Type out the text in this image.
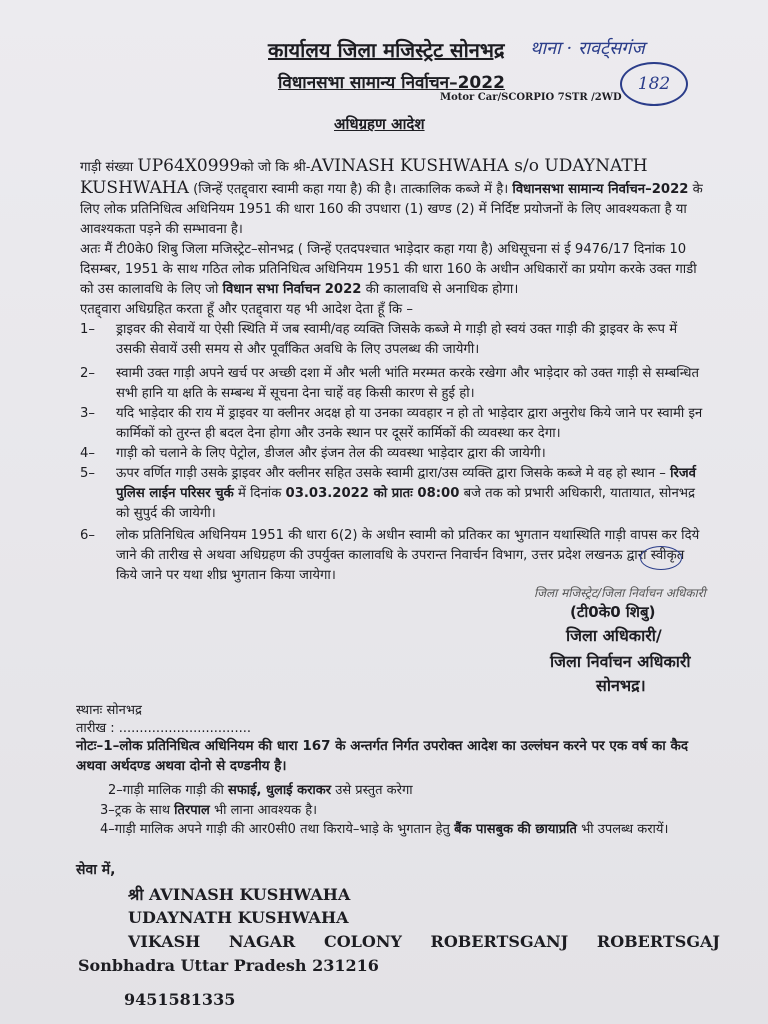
कार्यालय जिला मजिस्ट्रेट सोनभद्र
विधानसभा सामान्य निर्वाचन–2022
Motor Car/SCORPIO 7STR /2WD
अधिग्रहण आदेश
थाना · रावर्ट्सगंज
182
गाड़ी संख्या UP64X0999को जो कि श्री-AVINASH KUSHWAHA s/o UDAYNATH KUSHWAHA (जिन्हें एतद्द्वारा स्वामी कहा गया है) की है। तात्कालिक कब्जे में है। विधानसभा सामान्य निर्वाचन–2022 के लिए लोक प्रतिनिधित्व अधिनियम 1951 की धारा 160 की उपधारा (1) खण्ड (2) में निर्दिष्ट प्रयोजनों के लिए आवश्यकता है या आवश्यकता पड़ने की सम्भावना है।
अतः मैं टी0के0 शिबु जिला मजिस्ट्रेट–सोनभद्र ( जिन्हें एतदपश्चात भाड़ेदार कहा गया है) अधिसूचना सं ई 9476/17 दिनांक 10 दिसम्बर, 1951 के साथ गठित लोक प्रतिनिधित्व अधिनियम 1951 की धारा 160 के अधीन अधिकारों का प्रयोग करके उक्त गाडी को उस कालावधि के लिए जो विधान सभा निर्वाचन 2022 की कालावधि से अनाधिक होगा।
एतद्द्वारा अधिग्रहित करता हूँ और एतद्द्वारा यह भी आदेश देता हूँ कि –
1– ड्राइवर की सेवायें या ऐसी स्थिति में जब स्वामी/वह व्यक्ति जिसके कब्जे मे गाड़ी हो स्वयं उक्त गाड़ी की ड्राइवर के रूप में उसकी सेवायें उसी समय से और पूर्वांकित अवधि के लिए उपलब्ध की जायेगी।
2– स्वामी उक्त गाड़ी अपने खर्च पर अच्छी दशा में और भली भांति मरम्मत करके रखेगा और भाड़ेदार को उक्त गाड़ी से सम्बन्धित सभी हानि या क्षति के सम्बन्ध में सूचना देना चाहें वह किसी कारण से हुई हो।
3– यदि भाड़ेदार की राय में ड्राइवर या क्लीनर अदक्ष हो या उनका व्यवहार न हो तो भाड़ेदार द्वारा अनुरोध किये जाने पर स्वामी इन कार्मिकों को तुरन्त ही बदल देना होगा और उनके स्थान पर दूसरें कार्मिकों की व्यवस्था कर देगा।
4– गाड़ी को चलाने के लिए पेट्रोल, डीजल और इंजन तेल की व्यवस्था भाड़ेदार द्वारा की जायेगी।
5– ऊपर वर्णित गाड़ी उसके ड्राइवर और क्लीनर सहित उसके स्वामी द्वारा/उस व्यक्ति द्वारा जिसके कब्जे मे वह हो स्थान – रिजर्व पुलिस लाईन परिसर चुर्क में दिनांक 03.03.2022 को प्रातः 08:00 बजे तक को प्रभारी अधिकारी, यातायात, सोनभद्र को सुपुर्द की जायेगी।
6– लोक प्रतिनिधित्व अधिनियम 1951 की धारा 6(2) के अधीन स्वामी को प्रतिकर का भुगतान यथास्थिति गाड़ी वापस कर दिये जाने की तारीख से अथवा अधिग्रहण की उपर्युक्त कालावधि के उपरान्त निवार्चन विभाग, उत्तर प्रदेश लखनऊ द्वारा स्वीकृत किये जाने पर यथा शीघ्र भुगतान किया जायेगा।
जिला मजिस्ट्रेट/जिला निर्वाचन अधिकारी
(टी0के0 शिबु)
जिला अधिकारी/
जिला निर्वाचन अधिकारी
सोनभद्र।
स्थानः सोनभद्र
तारीख : ................................
नोटः–1–लोक प्रतिनिधित्व अधिनियम की धारा 167 के अन्तर्गत निर्गत उपरोक्त आदेश का उल्लंघन करने पर एक वर्ष का कैद अथवा अर्थदण्ड अथवा दोनो से दण्डनीय है।
2–गाड़ी मालिक गाड़ी की सफाई, धुलाई कराकर उसे प्रस्तुत करेगा
3–ट्रक के साथ तिरपाल भी लाना आवश्यक है।
4–गाड़ी मालिक अपने गाड़ी की आर0सी0 तथा किराये–भाड़े के भुगतान हेतु बैंक पासबुक की छायाप्रति भी उपलब्ध करायें।
सेवा में,
श्री AVINASH KUSHWAHA
UDAYNATH KUSHWAHA
VIKASH NAGAR COLONY ROBERTSGANJ ROBERTSGAJ
Sonbhadra Uttar Pradesh 231216
9451581335
